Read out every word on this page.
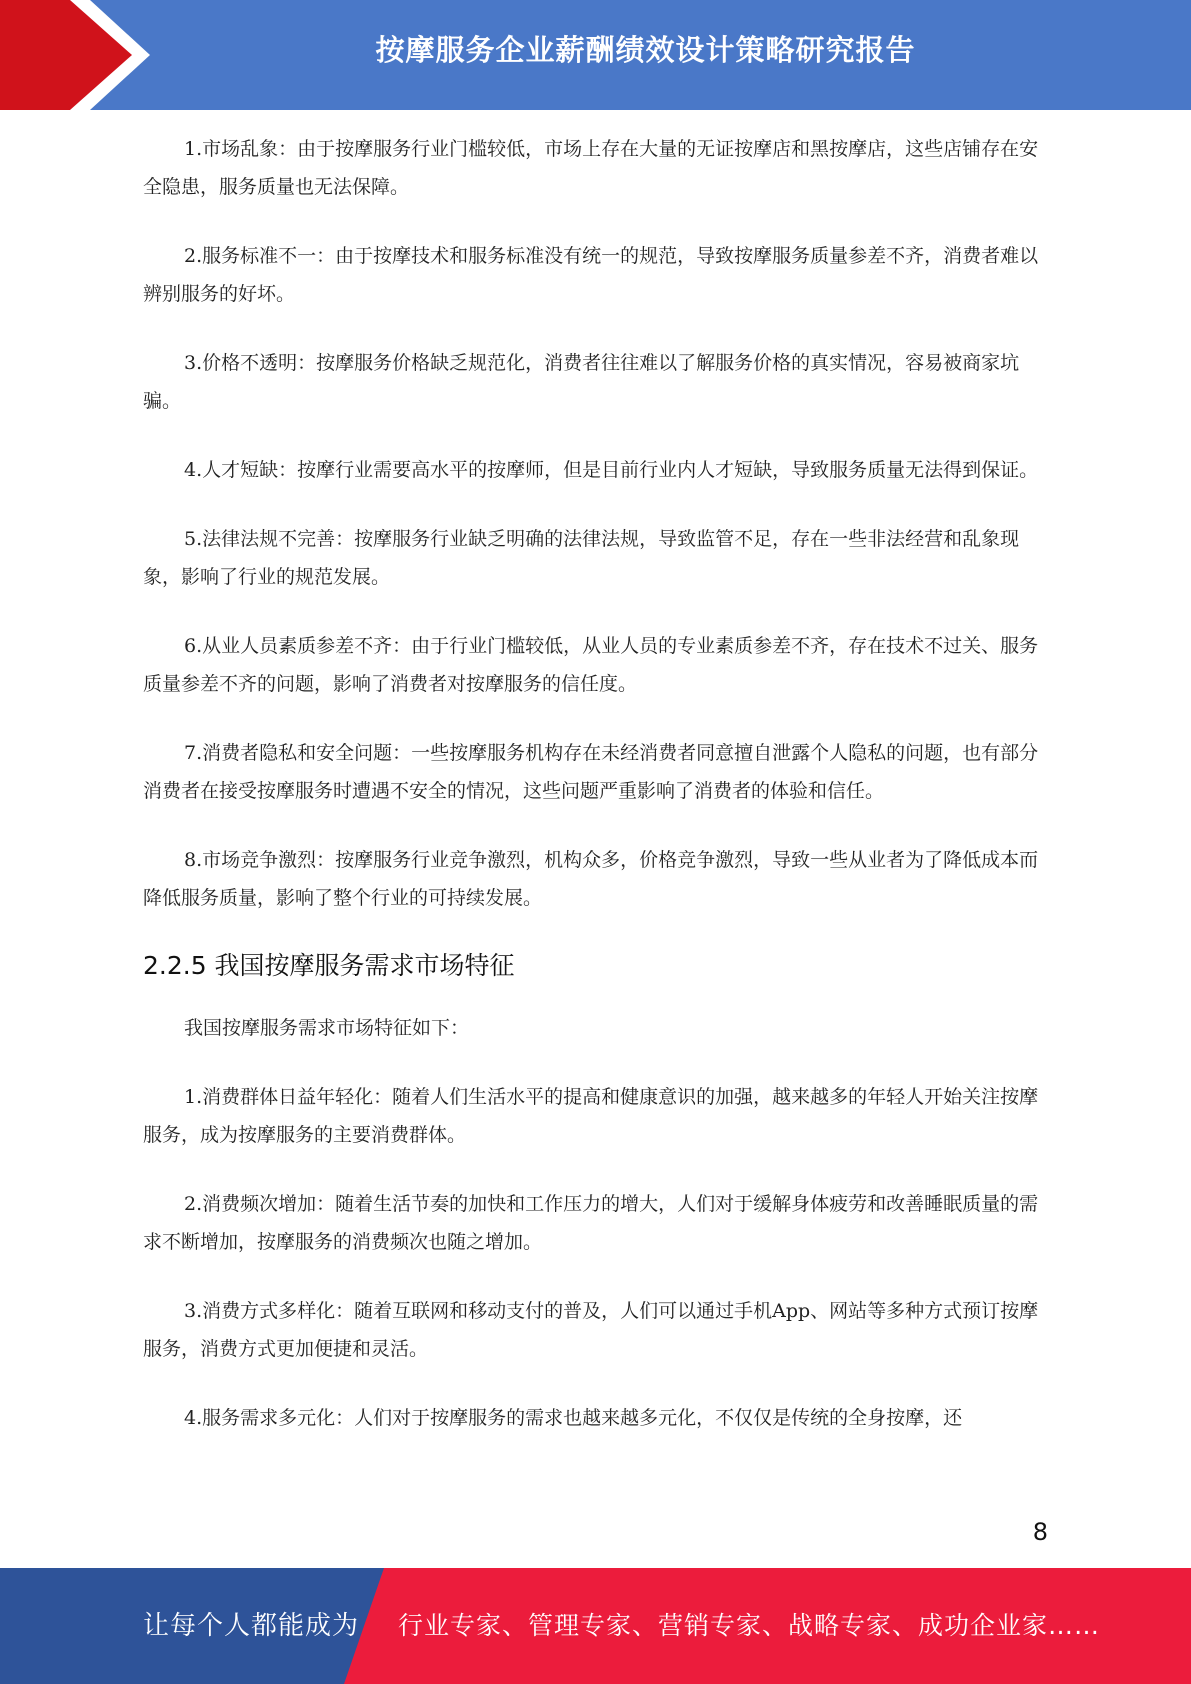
按摩服务企业薪酬绩效设计策略研究报告

1.市场乱象：由于按摩服务行业门槛较低，市场上存在大量的无证按摩店和黑按摩店，这些店铺存在安全隐患，服务质量也无法保障。

2.服务标准不一：由于按摩技术和服务标准没有统一的规范，导致按摩服务质量参差不齐，消费者难以辨别服务的好坏。

3.价格不透明：按摩服务价格缺乏规范化，消费者往往难以了解服务价格的真实情况，容易被商家坑骗。

4.人才短缺：按摩行业需要高水平的按摩师，但是目前行业内人才短缺，导致服务质量无法得到保证。

5.法律法规不完善：按摩服务行业缺乏明确的法律法规，导致监管不足，存在一些非法经营和乱象现象，影响了行业的规范发展。

6.从业人员素质参差不齐：由于行业门槛较低，从业人员的专业素质参差不齐，存在技术不过关、服务质量参差不齐的问题，影响了消费者对按摩服务的信任度。

7.消费者隐私和安全问题：一些按摩服务机构存在未经消费者同意擅自泄露个人隐私的问题，也有部分消费者在接受按摩服务时遭遇不安全的情况，这些问题严重影响了消费者的体验和信任。

8.市场竞争激烈：按摩服务行业竞争激烈，机构众多，价格竞争激烈，导致一些从业者为了降低成本而降低服务质量，影响了整个行业的可持续发展。

2.2.5 我国按摩服务需求市场特征

我国按摩服务需求市场特征如下：

1.消费群体日益年轻化：随着人们生活水平的提高和健康意识的加强，越来越多的年轻人开始关注按摩服务，成为按摩服务的主要消费群体。

2.消费频次增加：随着生活节奏的加快和工作压力的增大，人们对于缓解身体疲劳和改善睡眠质量的需求不断增加，按摩服务的消费频次也随之增加。

3.消费方式多样化：随着互联网和移动支付的普及，人们可以通过手机App、网站等多种方式预订按摩服务，消费方式更加便捷和灵活。

4.服务需求多元化：人们对于按摩服务的需求也越来越多元化，不仅仅是传统的全身按摩，还

8
让每个人都能成为 行业专家、管理专家、营销专家、战略专家、成功企业家……
